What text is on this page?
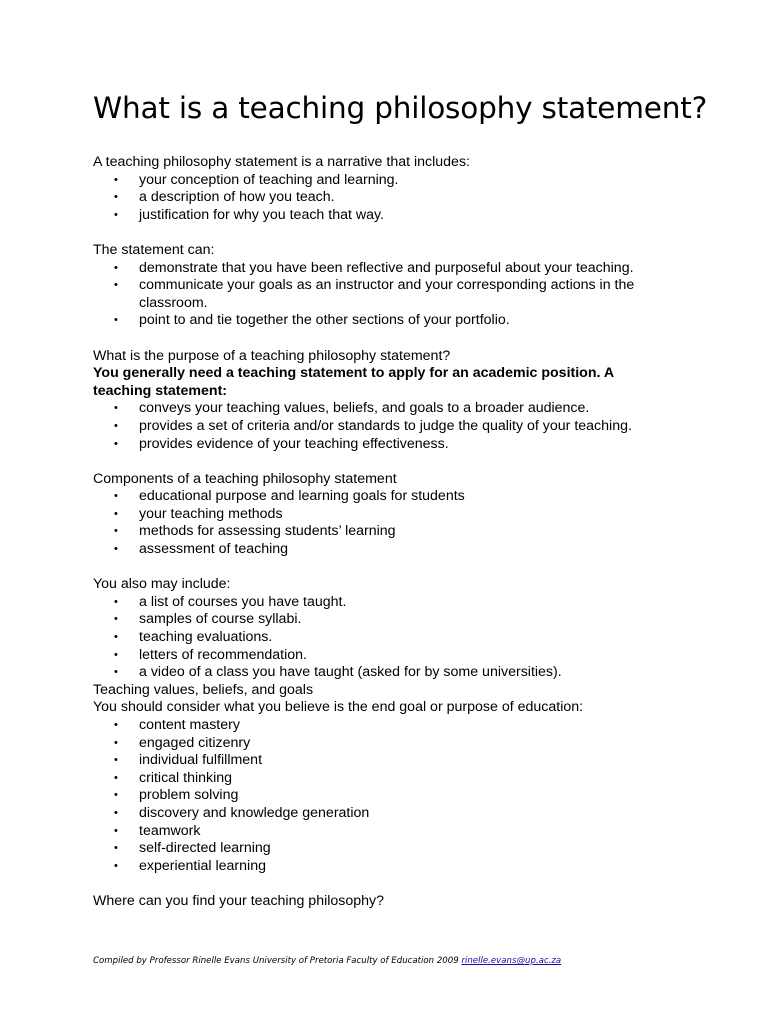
What is a teaching philosophy statement?

A teaching philosophy statement is a narrative that includes:

• your conception of teaching and learning.
• a description of how you teach.
• justification for why you teach that way.

The statement can:

• demonstrate that you have been reflective and purposeful about your teaching.
• communicate your goals as an instructor and your corresponding actions in the classroom.
• point to and tie together the other sections of your portfolio.

What is the purpose of a teaching philosophy statement?

You generally need a teaching statement to apply for an academic position. A teaching statement:

• conveys your teaching values, beliefs, and goals to a broader audience.
• provides a set of criteria and/or standards to judge the quality of your teaching.
• provides evidence of your teaching effectiveness.

Components of a teaching philosophy statement

• educational purpose and learning goals for students
• your teaching methods
• methods for assessing students’ learning
• assessment of teaching

You also may include:

• a list of courses you have taught.
• samples of course syllabi.
• teaching evaluations.
• letters of recommendation.
• a video of a class you have taught (asked for by some universities).

Teaching values, beliefs, and goals

You should consider what you believe is the end goal or purpose of education:

• content mastery
• engaged citizenry
• individual fulfillment
• critical thinking
• problem solving
• discovery and knowledge generation
• teamwork
• self-directed learning
• experiential learning

Where can you find your teaching philosophy?

Compiled by Professor Rinelle Evans University of Pretoria Faculty of Education 2009 rinelle.evans@up.ac.za
